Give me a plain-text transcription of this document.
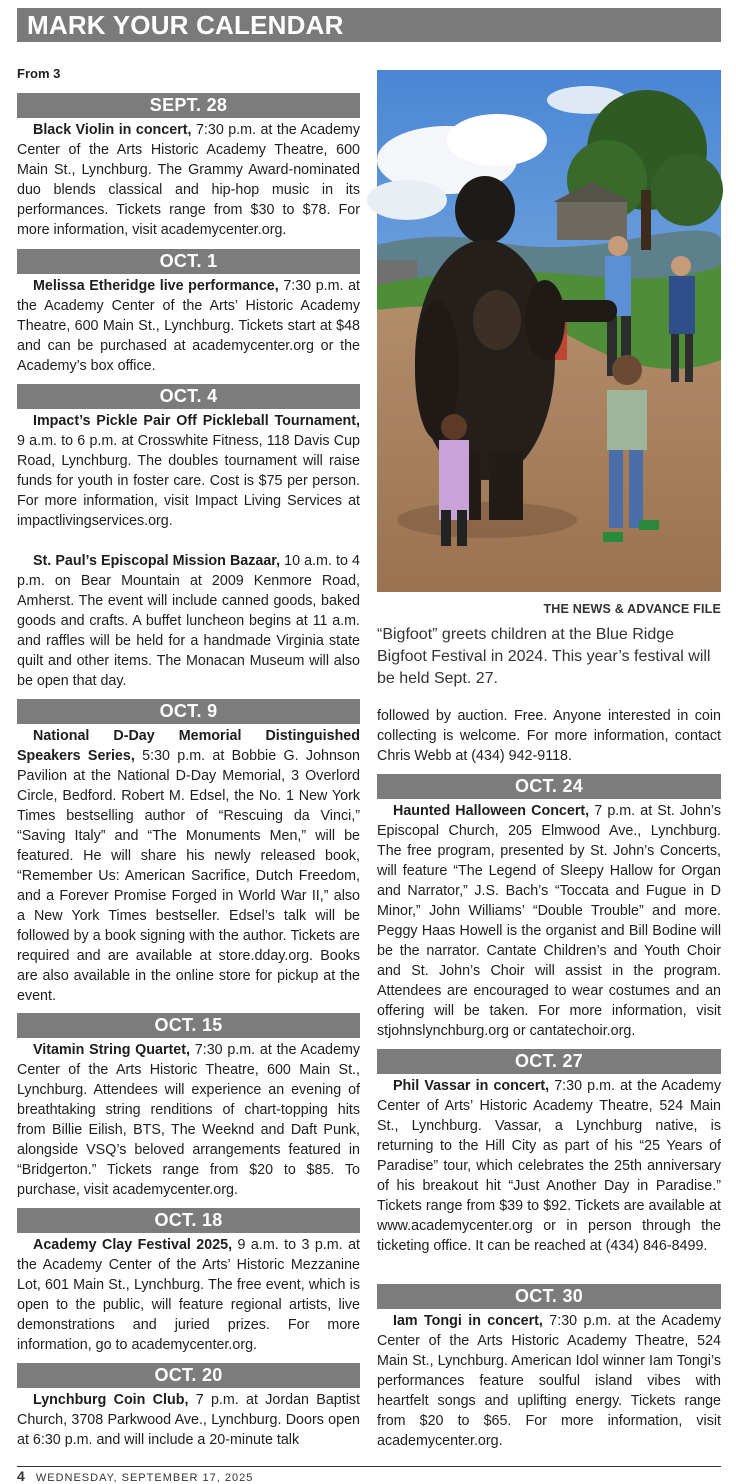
MARK YOUR CALENDAR
From 3
SEPT. 28
Black Violin in concert, 7:30 p.m. at the Academy Center of the Arts Historic Academy Theatre, 600 Main St., Lynchburg. The Grammy Award-nominated duo blends classical and hip-hop music in its performances. Tickets range from $30 to $78. For more information, visit academycenter.org.
OCT. 1
Melissa Etheridge live performance, 7:30 p.m. at the Academy Center of the Arts’ Historic Academy Theatre, 600 Main St., Lynchburg. Tickets start at $48 and can be purchased at academycenter.org or the Academy’s box office.
OCT. 4
Impact’s Pickle Pair Off Pickleball Tournament, 9 a.m. to 6 p.m. at Crosswhite Fitness, 118 Davis Cup Road, Lynchburg. The doubles tournament will raise funds for youth in foster care. Cost is $75 per person. For more information, visit Impact Living Services at impactlivingservices.org.
St. Paul’s Episcopal Mission Bazaar, 10 a.m. to 4 p.m. on Bear Mountain at 2009 Kenmore Road, Amherst. The event will include canned goods, baked goods and crafts. A buffet luncheon begins at 11 a.m. and raffles will be held for a handmade Virginia state quilt and other items. The Monacan Museum will also be open that day.
OCT. 9
National D-Day Memorial Distinguished Speakers Series, 5:30 p.m. at Bobbie G. Johnson Pavilion at the National D-Day Memorial, 3 Overlord Circle, Bedford. Robert M. Edsel, the No. 1 New York Times bestselling author of “Rescuing da Vinci,” “Saving Italy” and “The Monuments Men,” will be featured. He will share his newly released book, “Remember Us: American Sacrifice, Dutch Freedom, and a Forever Promise Forged in World War II,” also a New York Times bestseller. Edsel’s talk will be followed by a book signing with the author. Tickets are required and are available at store.dday.org. Books are also available in the online store for pickup at the event.
OCT. 15
Vitamin String Quartet, 7:30 p.m. at the Academy Center of the Arts Historic Theatre, 600 Main St., Lynchburg. Attendees will experience an evening of breathtaking string renditions of chart-topping hits from Billie Eilish, BTS, The Weeknd and Daft Punk, alongside VSQ’s beloved arrangements featured in “Bridgerton.” Tickets range from $20 to $85. To purchase, visit academycenter.org.
OCT. 18
Academy Clay Festival 2025, 9 a.m. to 3 p.m. at the Academy Center of the Arts’ Historic Mezzanine Lot, 601 Main St., Lynchburg. The free event, which is open to the public, will feature regional artists, live demonstrations and juried prizes. For more information, go to academycenter.org.
OCT. 20
Lynchburg Coin Club, 7 p.m. at Jordan Baptist Church, 3708 Parkwood Ave., Lynchburg. Doors open at 6:30 p.m. and will include a 20-minute talk
THE NEWS & ADVANCE FILE
“Bigfoot” greets children at the Blue Ridge Bigfoot Festival in 2024. This year’s festival will be held Sept. 27.
followed by auction. Free. Anyone interested in coin collecting is welcome. For more information, contact Chris Webb at (434) 942-9118.
OCT. 24
Haunted Halloween Concert, 7 p.m. at St. John’s Episcopal Church, 205 Elmwood Ave., Lynchburg. The free program, presented by St. John’s Concerts, will feature “The Legend of Sleepy Hallow for Organ and Narrator,” J.S. Bach’s “Toccata and Fugue in D Minor,” John Williams’ “Double Trouble” and more. Peggy Haas Howell is the organist and Bill Bodine will be the narrator. Cantate Children’s and Youth Choir and St. John’s Choir will assist in the program. Attendees are encouraged to wear costumes and an offering will be taken. For more information, visit stjohnslynchburg.org or cantatechoir.org.
OCT. 27
Phil Vassar in concert, 7:30 p.m. at the Academy Center of Arts’ Historic Academy Theatre, 524 Main St., Lynchburg. Vassar, a Lynchburg native, is returning to the Hill City as part of his “25 Years of Paradise” tour, which celebrates the 25th anniversary of his breakout hit “Just Another Day in Paradise.” Tickets range from $39 to $92. Tickets are available at www.academycenter.org or in person through the ticketing office. It can be reached at (434) 846-8499.
OCT. 30
Iam Tongi in concert, 7:30 p.m. at the Academy Center of the Arts Historic Academy Theatre, 524 Main St., Lynchburg. American Idol winner Iam Tongi’s performances feature soulful island vibes with heartfelt songs and uplifting energy. Tickets range from $20 to $65. For more information, visit academycenter.org.
4 WEDNESDAY, SEPTEMBER 17, 2025
